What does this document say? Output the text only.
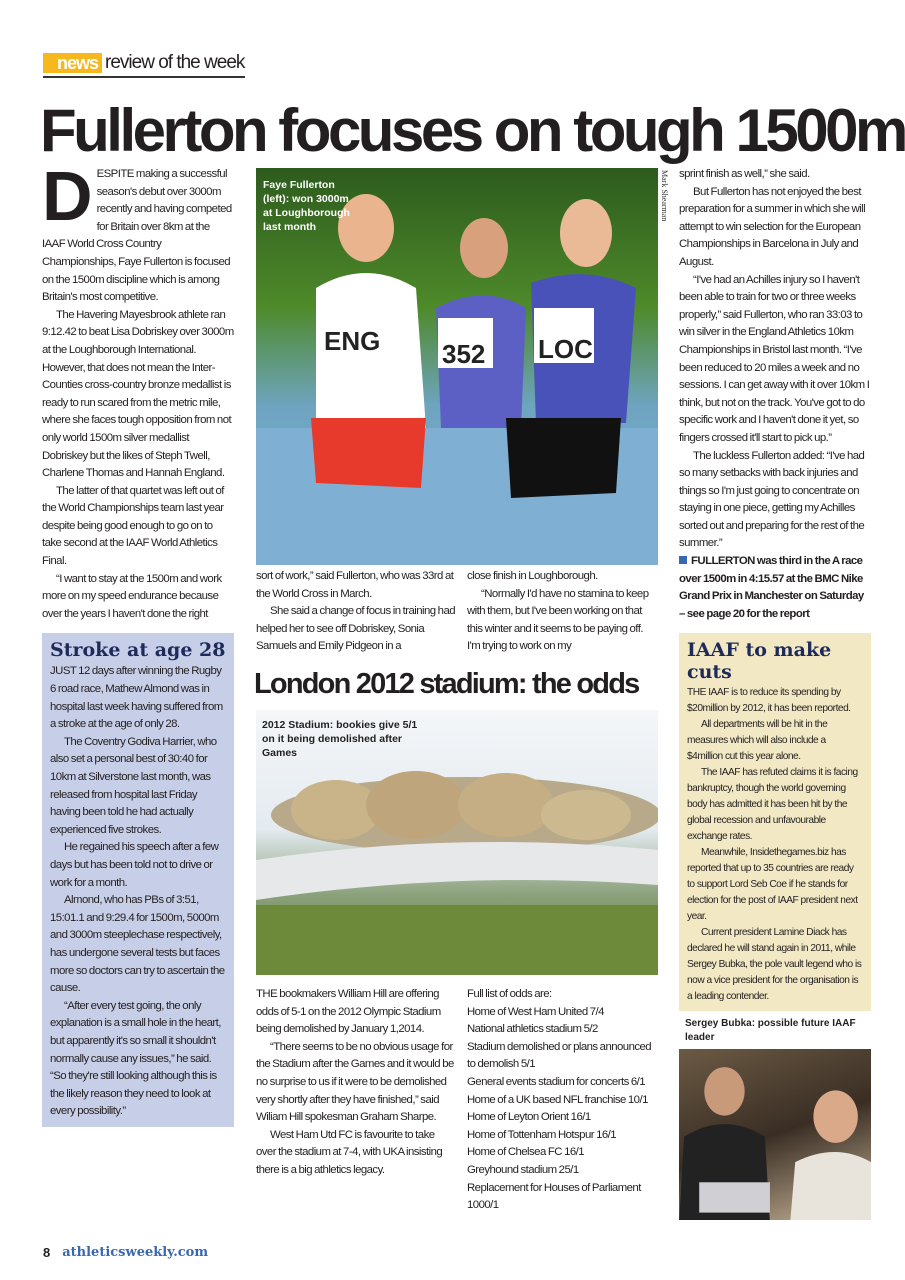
news review of the week
Fullerton focuses on tough 1500m
D ESPITE making a successful season's debut over 3000m recently and having competed for Britain over 8km at the IAAF World Cross Country Championships, Faye Fullerton is focused on the 1500m discipline which is among Britain's most competitive.

The Havering Mayesbrook athlete ran 9:12.42 to beat Lisa Dobriskey over 3000m at the Loughborough International. However, that does not mean the Inter-Counties cross-country bronze medallist is ready to run scared from the metric mile, where she faces tough opposition from not only world 1500m silver medallist Dobriskey but the likes of Steph Twell, Charlene Thomas and Hannah England.

The latter of that quartet was left out of the World Championships team last year despite being good enough to go on to take second at the IAAF World Athletics Final.

“I want to stay at the 1500m and work more on my speed endurance because over the years I haven't done the right

Stroke at age 28

JUST 12 days after winning the Rugby 6 road race, Mathew Almond was in hospital last week having suffered from a stroke at the age of only 28.

The Coventry Godiva Harrier, who also set a personal best of 30:40 for 10km at Silverstone last month, was released from hospital last Friday having been told he had actually experienced five strokes.

He regained his speech after a few days but has been told not to drive or work for a month.

Almond, who has PBs of 3:51, 15:01.1 and 9:29.4 for 1500m, 5000m and 3000m steeplechase respectively, has undergone several tests but faces more so doctors can try to ascertain the cause.

“After every test going, the only explanation is a small hole in the heart, but apparently it's so small it shouldn't normally cause any issues,” he said. “So they're still looking although this is the likely reason they need to look at every possibility.”

ENG 352 LOC
Faye Fullerton (left): won 3000m at Loughborough last month
Mark Shearman

sort of work,” said Fullerton, who was 33rd at the World Cross in March.

She said a change of focus in training had helped her to see off Dobriskey, Sonia Samuels and Emily Pidgeon in a

close finish in Loughborough.

“Normally I'd have no stamina to keep with them, but I've been working on that this winter and it seems to be paying off. I'm trying to work on my

sprint finish as well,” she said.

But Fullerton has not enjoyed the best preparation for a summer in which she will attempt to win selection for the European Championships in Barcelona in July and August.

“I've had an Achilles injury so I haven't been able to train for two or three weeks properly,” said Fullerton, who ran 33:03 to win silver in the England Athletics 10km Championships in Bristol last month. “I've been reduced to 20 miles a week and no sessions. I can get away with it over 10km I think, but not on the track. You've got to do specific work and I haven't done it yet, so fingers crossed it'll start to pick up.”

The luckless Fullerton added: “I've had so many setbacks with back injuries and things so I'm just going to concentrate on staying in one piece, getting my Achilles sorted out and preparing for the rest of the summer.”

FULLERTON was third in the A race over 1500m in 4:15.57 at the BMC Nike Grand Prix in Manchester on Saturday – see page 20 for the report

IAAF to make cuts

THE IAAF is to reduce its spending by $20million by 2012, it has been reported.

All departments will be hit in the measures which will also include a $4million cut this year alone.

The IAAF has refuted claims it is facing bankruptcy, though the world governing body has admitted it has been hit by the global recession and unfavourable exchange rates.

Meanwhile, Insidethegames.biz has reported that up to 35 countries are ready to support Lord Seb Coe if he stands for election for the post of IAAF president next year.

Current president Lamine Diack has declared he will stand again in 2011, while Sergey Bubka, the pole vault legend who is now a vice president for the organisation is a leading contender.

Sergey Bubka: possible future IAAF leader
London 2012 stadium: the odds
2012 Stadium: bookies give 5/1 on it being demolished after Games

THE bookmakers William Hill are offering odds of 5-1 on the 2012 Olympic Stadium being demolished by January 1,2014.

“There seems to be no obvious usage for the Stadium after the Games and it would be no surprise to us if it were to be demolished very shortly after they have finished,” said Wiliam Hill spokesman Graham Sharpe.

West Ham Utd FC is favourite to take over the stadium at 7-4, with UKA insisting there is a big athletics legacy.

Full list of odds are:
Home of West Ham United 7/4
National athletics stadium 5/2
Stadium demolished or plans announced to demolish 5/1
General events stadium for concerts 6/1
Home of a UK based NFL franchise 10/1
Home of Leyton Orient 16/1
Home of Tottenham Hotspur 16/1
Home of Chelsea FC 16/1
Greyhound stadium 25/1
Replacement for Houses of Parliament 1000/1
8 athleticsweekly.com
